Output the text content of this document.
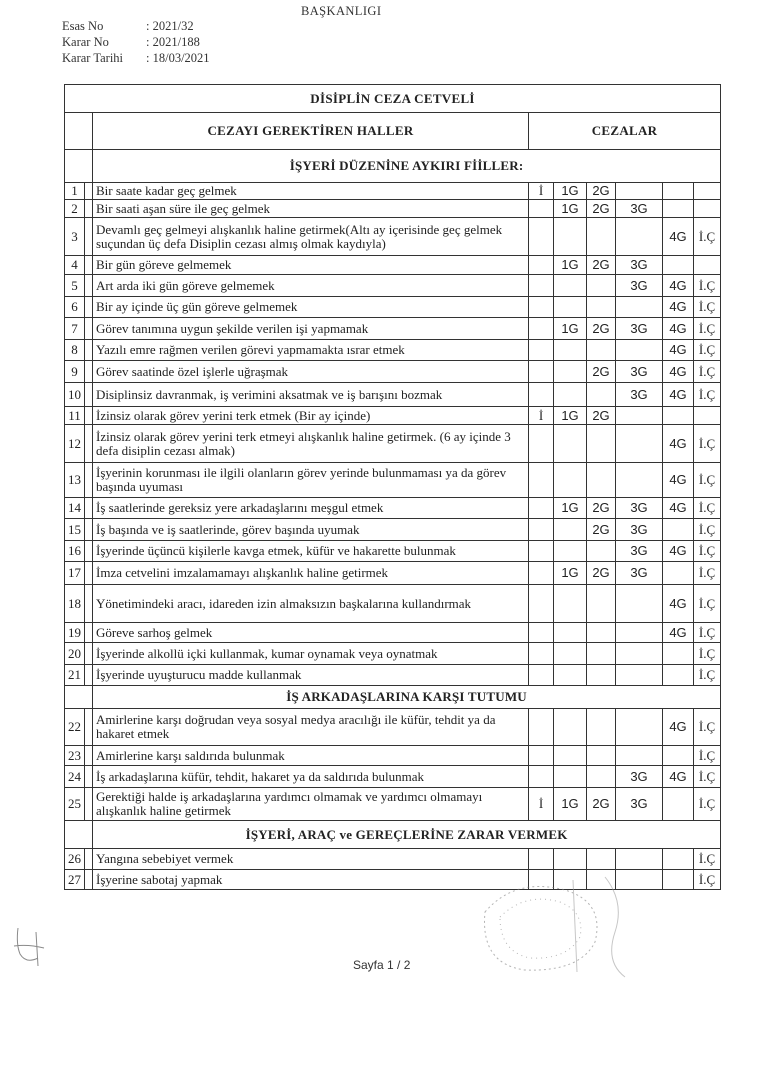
BAŞKANLIGI
Esas No	: 2021/32
Karar No	: 2021/188
Karar Tarihi	: 18/03/2021
DİSİPLİN CEZA CETVELİ								
		CEZAYI GEREKTİREN HALLER	CEZALAR					
		İŞYERİ DÜZENİNE AYKIRI FİİLLER:						
1		Bir saate kadar geç gelmek	İ	1G	2G			
2		Bir saati aşan süre ile geç gelmek		1G	2G	3G		
3		Devamlı geç gelmeyi alışkanlık haline getirmek(Altı ay içerisinde geç gelmek suçundan üç defa Disiplin cezası almış olmak kaydıyla)					4G	İ.Ç
4		Bir gün göreve gelmemek		1G	2G	3G		
5		Art arda iki gün göreve gelmemek				3G	4G	İ.Ç
6		Bir ay içinde üç gün göreve gelmemek					4G	İ.Ç
7		Görev tanımına uygun şekilde verilen işi yapmamak		1G	2G	3G	4G	İ.Ç
8		Yazılı emre rağmen verilen görevi yapmamakta ısrar etmek					4G	İ.Ç
9		Görev saatinde özel işlerle uğraşmak			2G	3G	4G	İ.Ç
10		Disiplinsiz davranmak, iş verimini aksatmak ve iş barışını bozmak				3G	4G	İ.Ç
11		İzinsiz olarak görev yerini terk etmek (Bir ay içinde)	İ	1G	2G			
12		İzinsiz olarak görev yerini terk etmeyi alışkanlık haline getirmek. (6 ay içinde 3 defa disiplin cezası almak)					4G	İ.Ç
13		İşyerinin korunması ile ilgili olanların görev yerinde bulunmaması ya da görev başında uyuması					4G	İ.Ç
14		İş saatlerinde gereksiz yere arkadaşlarını meşgul etmek		1G	2G	3G	4G	İ.Ç
15		İş başında ve iş saatlerinde, görev başında uyumak			2G	3G		İ.Ç
16		İşyerinde üçüncü kişilerle kavga etmek, küfür ve hakarette bulunmak				3G	4G	İ.Ç
17		İmza cetvelini imzalamamayı alışkanlık haline getirmek		1G	2G	3G		İ.Ç
18		Yönetimindeki aracı, idareden izin almaksızın başkalarına kullandırmak					4G	İ.Ç
19		Göreve sarhoş gelmek					4G	İ.Ç
20		İşyerinde alkollü içki kullanmak, kumar oynamak veya oynatmak						İ.Ç
21		İşyerinde uyuşturucu madde kullanmak						İ.Ç
		İŞ ARKADAŞLARINA KARŞI TUTUMU						
22		Amirlerine karşı doğrudan veya sosyal medya aracılığı ile küfür, tehdit ya da hakaret etmek					4G	İ.Ç
23		Amirlerine karşı saldırıda bulunmak						İ.Ç
24		İş arkadaşlarına küfür, tehdit, hakaret ya da saldırıda bulunmak				3G	4G	İ.Ç
25		Gerektiği halde iş arkadaşlarına yardımcı olmamak ve yardımcı olmamayı alışkanlık haline getirmek	İ	1G	2G	3G		İ.Ç
		İŞYERİ, ARAÇ ve GEREÇLERİNE ZARAR VERMEK						
26		Yangına sebebiyet vermek						İ.Ç
27		İşyerine sabotaj yapmak						İ.Ç
Sayfa 1 / 2
